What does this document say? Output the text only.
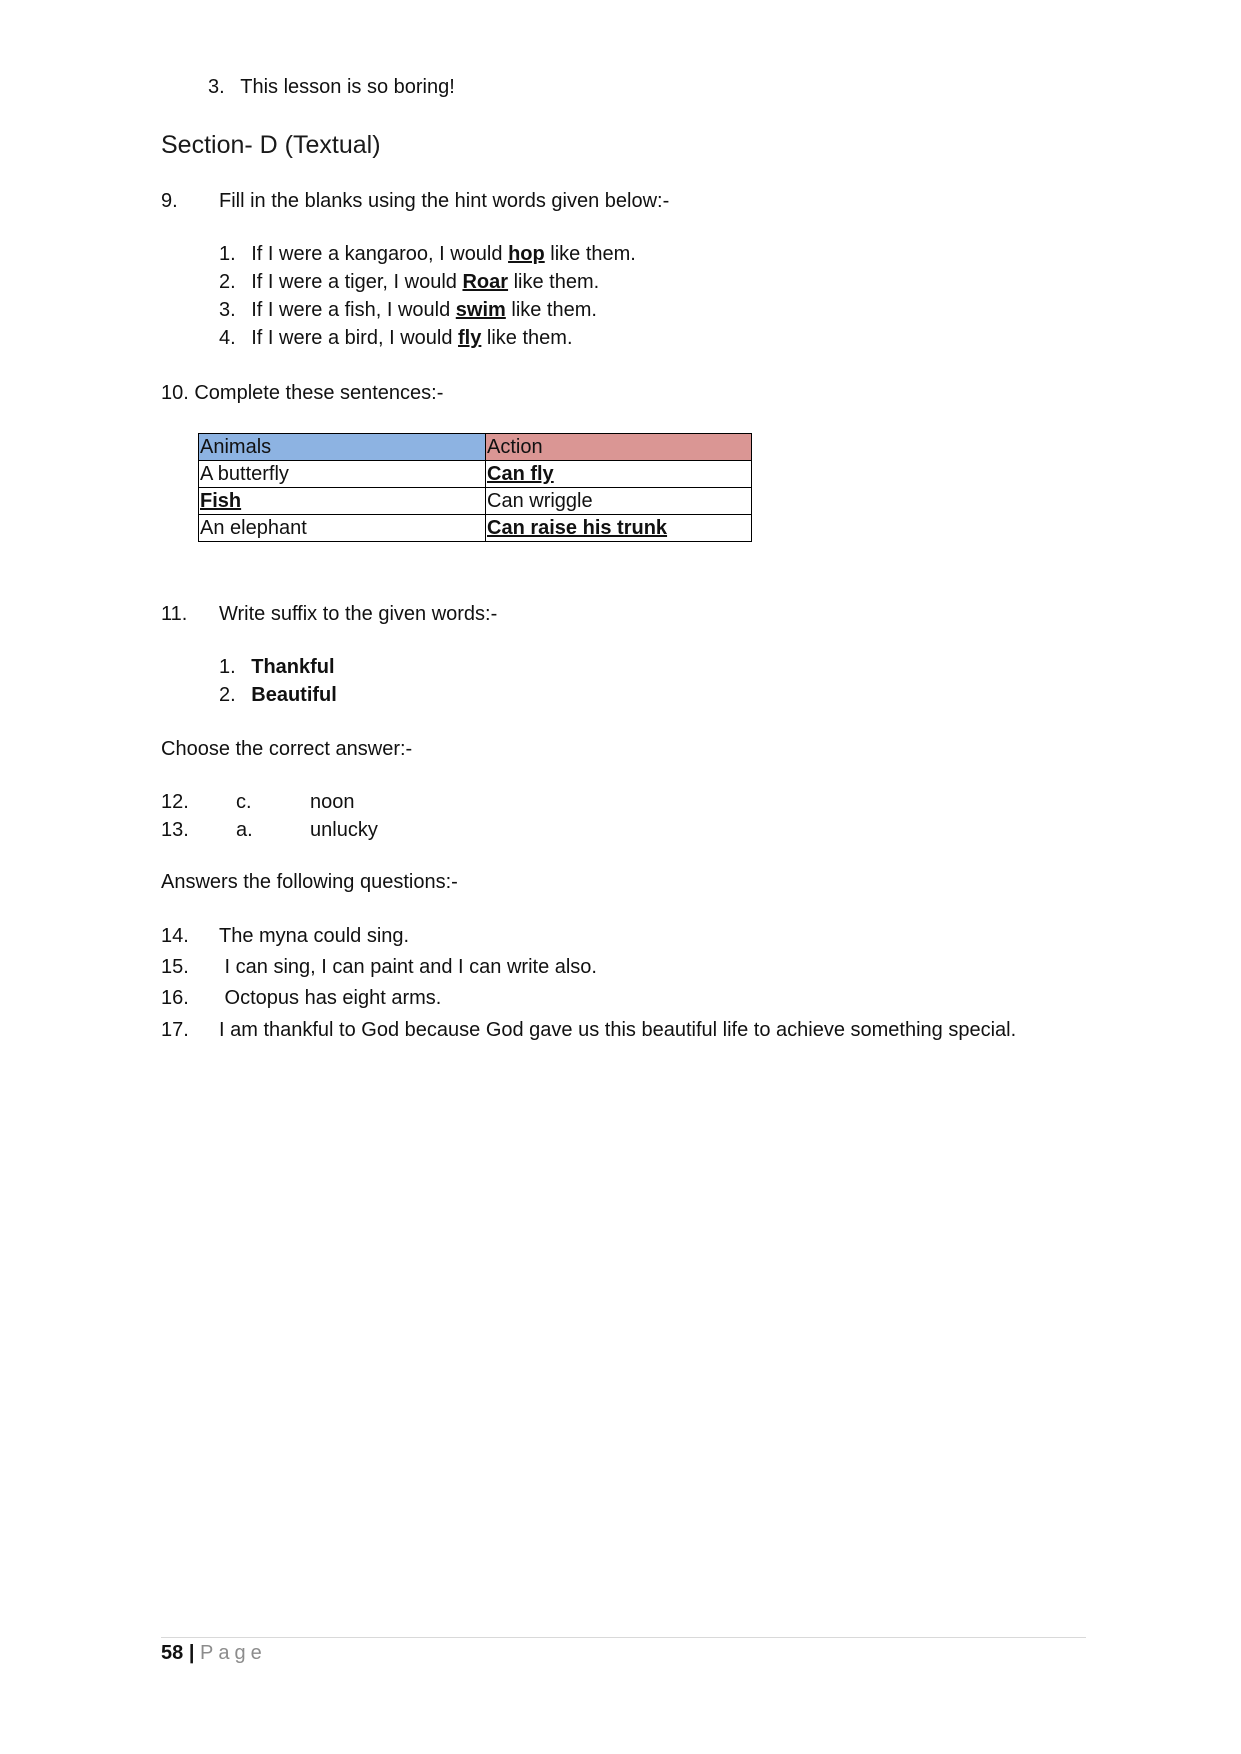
3. This lesson is so boring!
Section- D (Textual)
9. Fill in the blanks using the hint words given below:-
1. If I were a kangaroo, I would hop like them.
2. If I were a tiger, I would Roar like them.
3. If I were a fish, I would swim like them.
4. If I were a bird, I would fly like them.
10. Complete these sentences:-
Animals	Action
A butterfly	Can fly
Fish	Can wriggle
An elephant	Can raise his trunk
11. Write suffix to the given words:-
1. Thankful
2. Beautiful
Choose the correct answer:-
12. c.	noon
13. a.	unlucky
Answers the following questions:-
14. The myna could sing.
15. I can sing, I can paint and I can write also.
16. Octopus has eight arms.
17. I am thankful to God because God gave us this beautiful life to achieve something special.
58 | Page
